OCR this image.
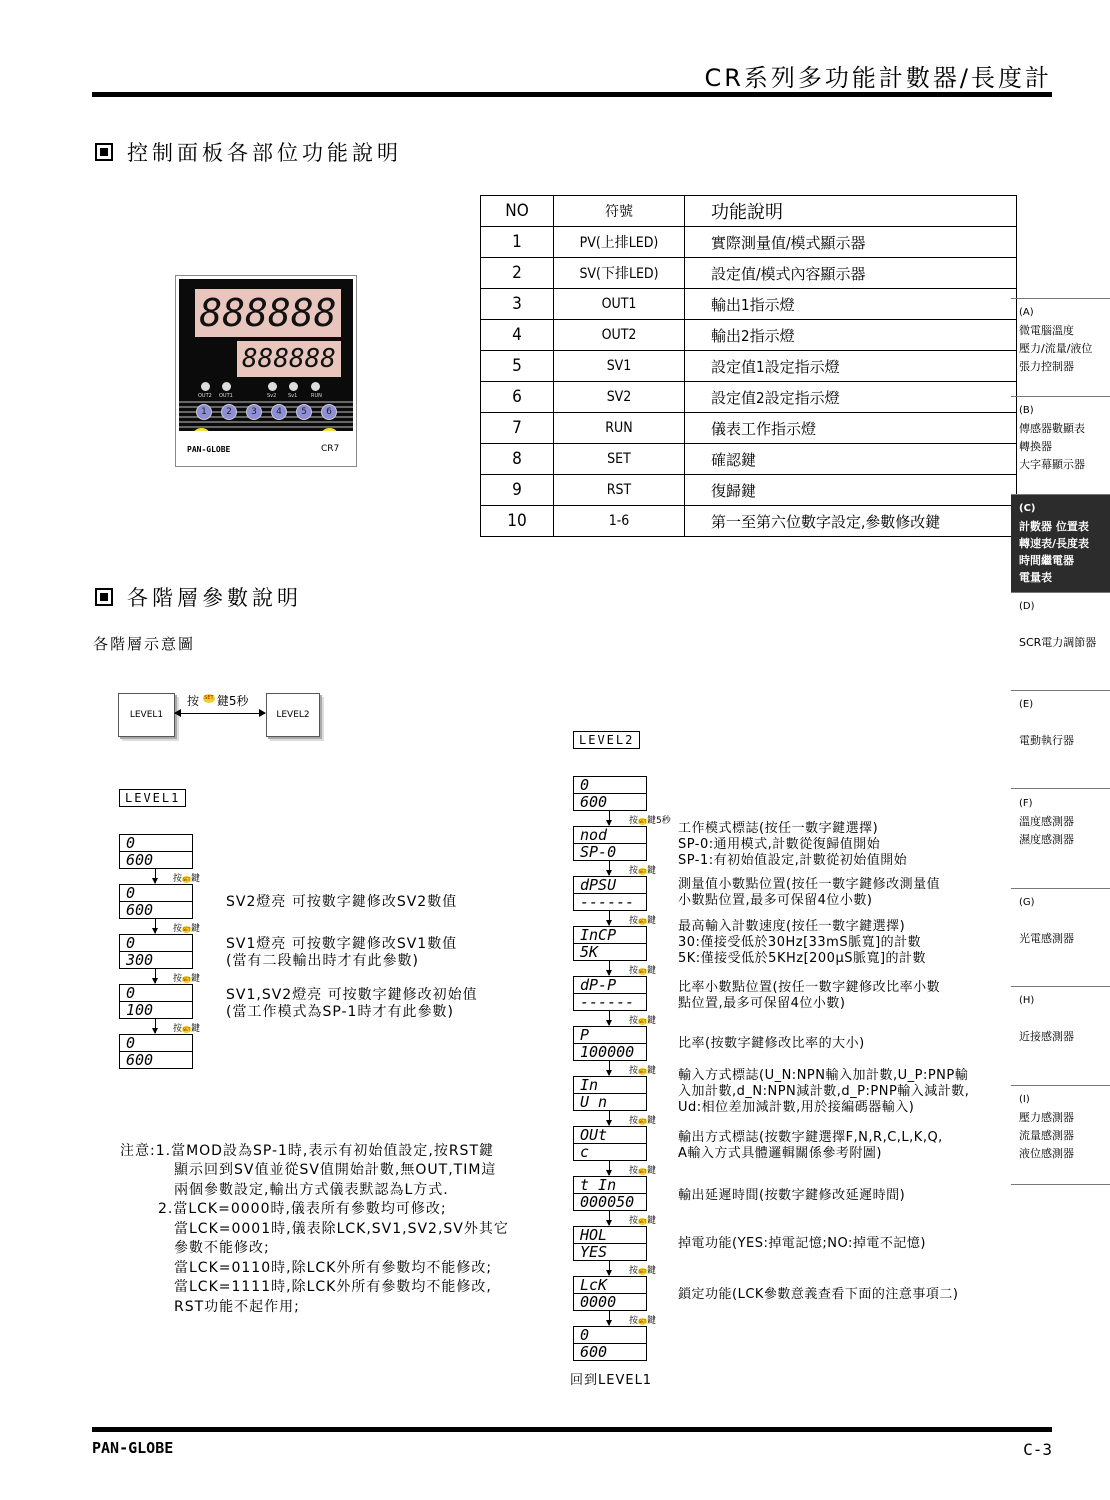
CR系列多功能計數器/長度計
控制面板各部位功能說明
888888
888888
OUT2 OUT1	Sv2 Sv1	RUN
1	2	3	4	5	6
PAN-GLOBE	CR7
NO	符號	功能說明
1	PV(上排LED)	實際測量值/模式顯示器
2	SV(下排LED)	設定值/模式內容顯示器
3	OUT1	輸出1指示燈
4	OUT2	輸出2指示燈
5	SV1	設定值1設定指示燈
6	SV2	設定值2設定指示燈
7	RUN	儀表工作指示燈
8	SET	確認鍵
9	RST	復歸鍵
10	1-6	第一至第六位數字設定,參數修改鍵
各階層參數說明
各階層示意圖
LEVEL1	LEVEL2
按 SET 鍵5秒
LEVEL1
0
600
按SET鍵
0
600
按SET鍵
0
300
按SET鍵
0
100
按SET鍵
0
600
SV2燈亮 可按數字鍵修改SV2數值
SV1燈亮 可按數字鍵修改SV1數值
(當有二段輸出時才有此參數)
SV1,SV2燈亮 可按數字鍵修改初始值
(當工作模式為SP-1時才有此參數)
注意:1.當MOD設為SP-1時,表示有初始值設定,按RST鍵
顯示回到SV值並從SV值開始計數,無OUT,TIM這
兩個參數設定,輸出方式儀表默認為L方式.
2.當LCK=0000時,儀表所有參數均可修改;
當LCK=0001時,儀表除LCK,SV1,SV2,SV外其它
參數不能修改;
當LCK=0110時,除LCK外所有參數均不能修改;
當LCK=1111時,除LCK外所有參數均不能修改,
RST功能不起作用;
LEVEL2
0
600
按SET鍵5秒
nod
SP-0
按SET鍵
dPSU
------
按SET鍵
InCP
5K
按SET鍵
dP-P
------
按SET鍵
P
100000
按SET鍵
In
U_n
按SET鍵
OUt
c
按SET鍵
t In
000050
按SET鍵
HOL
YES
按SET鍵
LcK
0000
按SET鍵
0
600
回到LEVEL1
工作模式標誌(按任一數字鍵選擇)
SP-0:通用模式,計數從復歸值開始
SP-1:有初始值設定,計數從初始值開始
測量值小數點位置(按任一數字鍵修改測量值
小數點位置,最多可保留4位小數)
最高輸入計數速度(按任一數字鍵選擇)
30:僅接受低於30Hz[33mS脈寬]的計數
5K:僅接受低於5KHz[200μS脈寬]的計數
比率小數點位置(按任一數字鍵修改比率小數
點位置,最多可保留4位小數)
比率(按數字鍵修改比率的大小)
輸入方式標誌(U_N:NPN輸入加計數,U_P:PNP輸
入加計數,d_N:NPN減計數,d_P:PNP輸入減計數,
Ud:相位差加減計數,用於接編碼器輸入)
輸出方式標誌(按數字鍵選擇F,N,R,C,L,K,Q,
A輸入方式具體邏輯關係參考附圖)
輸出延遲時間(按數字鍵修改延遲時間)
掉電功能(YES:掉電記憶;NO:掉電不記憶)
鎖定功能(LCK參數意義查看下面的注意事項二)
(A)
微電腦溫度
壓力/流量/液位
張力控制器
(B)
傳感器數顯表
轉換器
大字幕顯示器
(C)
計數器 位置表
轉速表/長度表
時間繼電器
電量表
(D)
SCR電力調節器
(E)
電動執行器
(F)
溫度感測器
濕度感測器
(G)
光電感測器
(H)
近接感測器
(I)
壓力感測器
流量感測器
液位感測器
PAN-GLOBE	C-3
